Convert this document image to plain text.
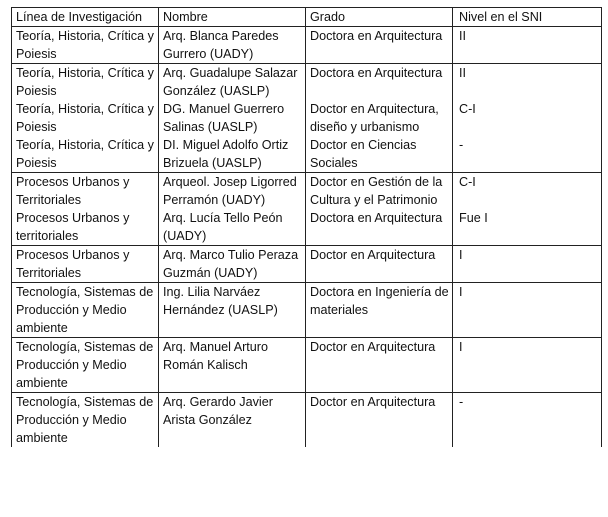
Línea de Investigación	Nombre	Grado	Nivel en el SNI
Teoría, Historia, Crítica y Poiesis	Arq. Blanca Paredes Gurrero (UADY)	Doctora en Arquitectura	II
Teoría, Historia, Crítica y Poiesis	Arq. Guadalupe Salazar González (UASLP)	Doctora en Arquitectura	II
Teoría, Historia, Crítica y Poiesis	DG. Manuel Guerrero Salinas (UASLP)	Doctor en Arquitectura, diseño y urbanismo	C-I
Teoría, Historia, Crítica y Poiesis	DI. Miguel Adolfo Ortiz Brizuela (UASLP)	Doctor en Ciencias Sociales	-
Procesos Urbanos y Territoriales	Arqueol. Josep Ligorred Perramón (UADY)	Doctor en Gestión de la Cultura y el Patrimonio	C-I
Procesos Urbanos y territoriales	Arq. Lucía Tello Peón (UADY)	Doctora en Arquitectura	Fue I
Procesos Urbanos y Territoriales	Arq. Marco Tulio Peraza Guzmán (UADY)	Doctor en Arquitectura	I
Tecnología, Sistemas de Producción y Medio ambiente	Ing. Lilia Narváez Hernández (UASLP)	Doctora en Ingeniería de materiales	I
Tecnología, Sistemas de Producción y Medio ambiente	Arq. Manuel Arturo Román Kalisch	Doctor en Arquitectura	I
Tecnología, Sistemas de Producción y Medio ambiente	Arq. Gerardo Javier Arista González	Doctor en Arquitectura	-
